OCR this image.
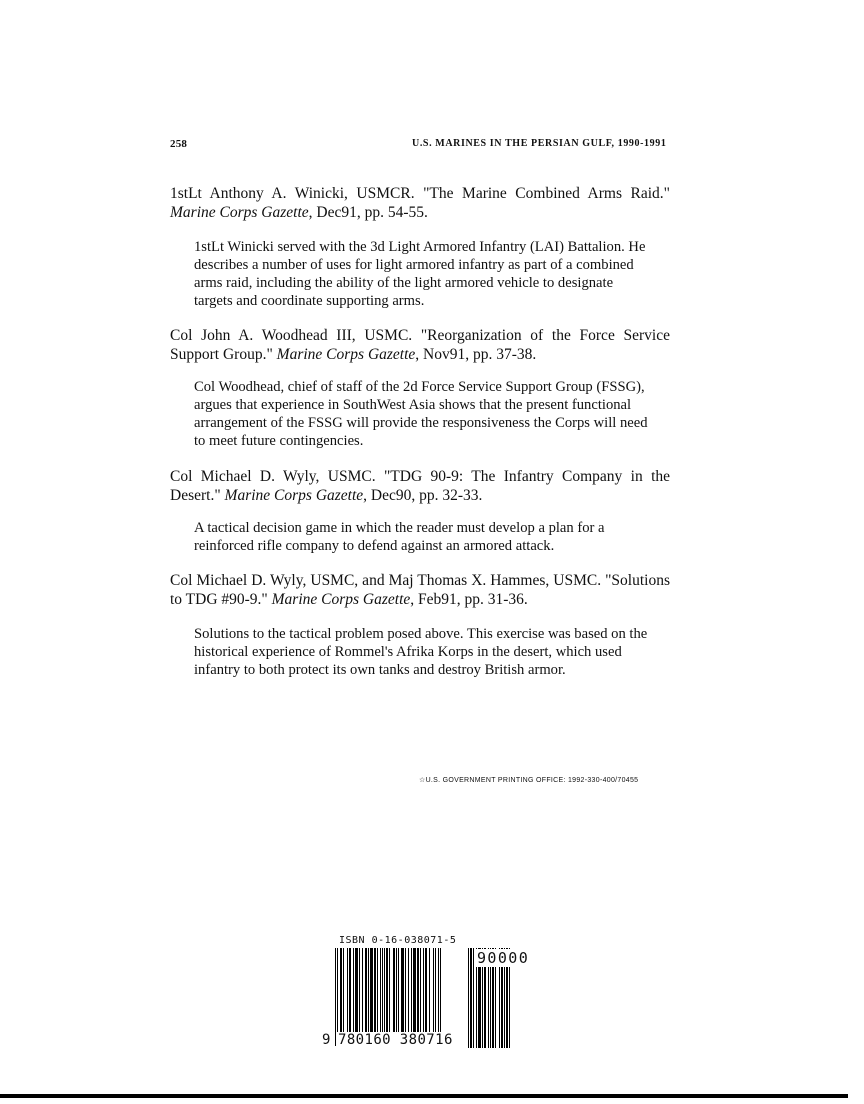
258	U.S. MARINES IN THE PERSIAN GULF, 1990-1991
1stLt Anthony A. Winicki, USMCR. "The Marine Combined Arms Raid." Marine Corps Gazette, Dec91, pp. 54-55.
1stLt Winicki served with the 3d Light Armored Infantry (LAI) Battalion. He describes a number of uses for light armored infantry as part of a combined arms raid, including the ability of the light armored vehicle to designate targets and coordinate supporting arms.
Col John A. Woodhead III, USMC. "Reorganization of the Force Service Support Group." Marine Corps Gazette, Nov91, pp. 37-38.
Col Woodhead, chief of staff of the 2d Force Service Support Group (FSSG), argues that experience in SouthWest Asia shows that the present functional arrangement of the FSSG will provide the responsiveness the Corps will need to meet future contingencies.
Col Michael D. Wyly, USMC. "TDG 90-9: The Infantry Company in the Desert." Marine Corps Gazette, Dec90, pp. 32-33.
A tactical decision game in which the reader must develop a plan for a reinforced rifle company to defend against an armored attack.
Col Michael D. Wyly, USMC, and Maj Thomas X. Hammes, USMC. "Solutions to TDG #90-9." Marine Corps Gazette, Feb91, pp. 31-36.
Solutions to the tactical problem posed above. This exercise was based on the historical experience of Rommel's Afrika Korps in the desert, which used infantry to both protect its own tanks and destroy British armor.
☆U.S. GOVERNMENT PRINTING OFFICE: 1992-330-400/70455
ISBN 0-16-038071-5
90000
9 780160 380716
